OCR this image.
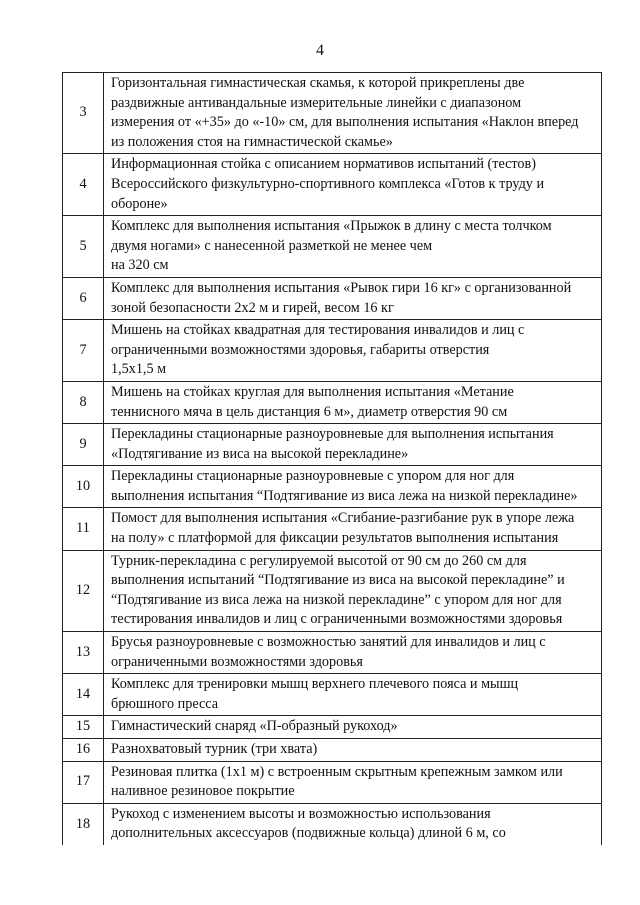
4
3	Горизонтальная гимнастическая скамья, к которой прикреплены две
раздвижные антивандальные измерительные линейки с диапазоном
измерения от «+35» до «-10» см, для выполнения испытания «Наклон вперед
из положения стоя на гимнастической скамье»

4	Информационная стойка с описанием нормативов испытаний (тестов)
Всероссийского физкультурно-спортивного комплекса «Готов к труду и
обороне»

5	Комплекс для выполнения испытания «Прыжок в длину с места толчком
двумя ногами» с нанесенной разметкой не менее чем
на 320 см

6	Комплекс для выполнения испытания «Рывок гири 16 кг» с организованной
зоной безопасности 2х2 м и гирей, весом 16 кг

7	Мишень на стойках квадратная для тестирования инвалидов и лиц с
ограниченными возможностями здоровья, габариты отверстия
1,5х1,5 м

8	Мишень на стойках круглая для выполнения испытания «Метание
теннисного мяча в цель дистанция 6 м», диаметр отверстия 90 см

9	Перекладины стационарные разноуровневые для выполнения испытания
«Подтягивание из виса на высокой перекладине»

10	Перекладины стационарные разноуровневые с упором для ног для
выполнения испытания “Подтягивание из виса лежа на низкой перекладине»

11	Помост для выполнения испытания «Сгибание-разгибание рук в упоре лежа
на полу» с платформой для фиксации результатов выполнения испытания

12	Турник-перекладина с регулируемой высотой от 90 см до 260 см для
выполнения испытаний “Подтягивание из виса на высокой перекладине” и
“Подтягивание из виса лежа на низкой перекладине” с упором для ног для
тестирования инвалидов и лиц с ограниченными возможностями здоровья

13	Брусья разноуровневые с возможностью занятий для инвалидов и лиц с
ограниченными возможностями здоровья

14	Комплекс для тренировки мышц верхнего плечевого пояса и мышц
брюшного пресса

15	Гимнастический снаряд «П-образный рукоход»

16	Разнохватовый турник (три хвата)

17	Резиновая плитка (1х1 м) с встроенным скрытным крепежным замком или
наливное резиновое покрытие

18	Рукоход с изменением высоты и возможностью использования
дополнительных аксессуаров (подвижные кольца) длиной 6 м, со
